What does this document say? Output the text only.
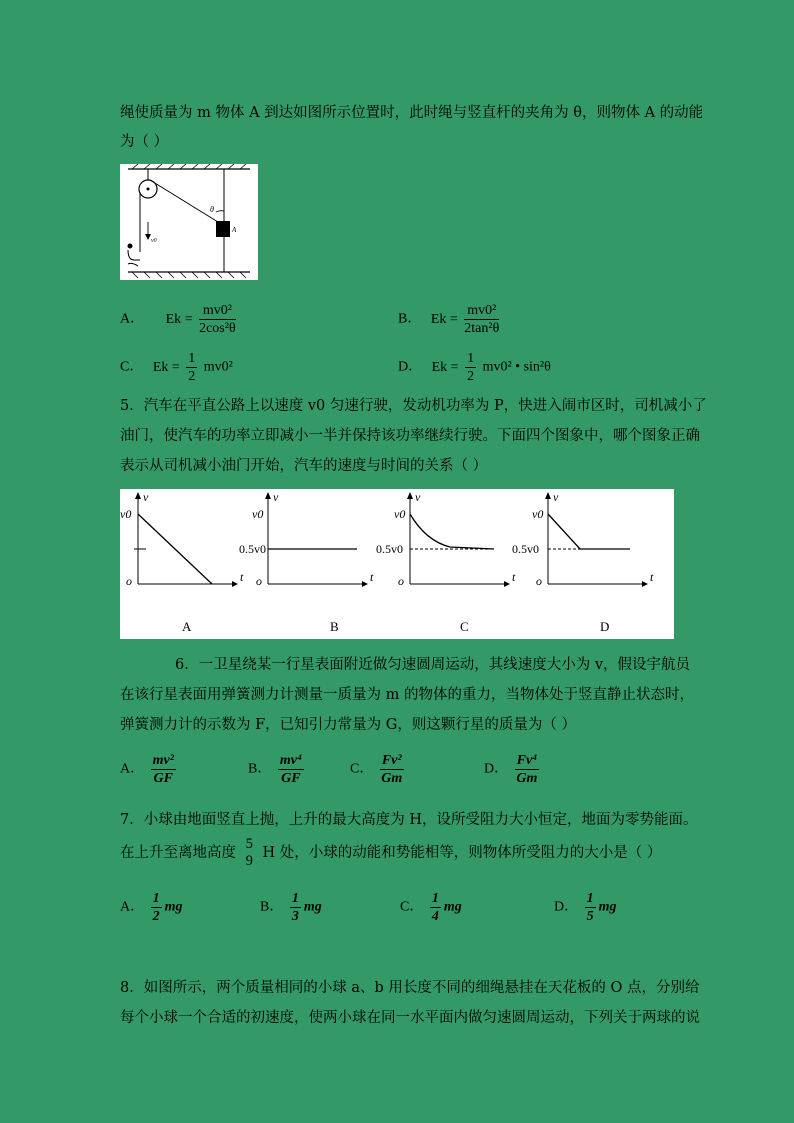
绳使质量为 m 物体 A 到达如图所示位置时，此时绳与竖直杆的夹角为 θ，则物体 A 的动能
为（ ）
θ
A
v0
A． $Ek = \frac{\text{mv0²}}{\text{2cos²θ}}$	B． $Ek = \frac{\text{mv0²}}{\text{2tan²θ}}$
C． $Ek = \frac{1}{2} mv0^2$	D． $Ek = \frac{1}{2} mv0^2$ • sin²θ
5．汽车在平直公路上以速度 v0 匀速行驶，发动机功率为 P，快进入闹市区时，司机减小了
油门，使汽车的功率立即减小一半并保持该功率继续行驶。下面四个图象中，哪个图象正确
表示从司机减小油门开始，汽车的速度与时间的关系（ ）
v
t
o
v0
A
v
t
o
v0
0.5v0
B
v
t
o
v0
0.5v0
C
v
t
o
v0
0.5v0
D
6．一卫星绕某一行星表面附近做匀速圆周运动，其线速度大小为 v，假设宇航员
在该行星表面用弹簧测力计测量一质量为 m 的物体的重力，当物体处于竖直静止状态时，
弹簧测力计的示数为 F，已知引力常量为 G，则这颗行星的质量为（ ）
A． $\frac{\text{mv²}}{GF}$	B． $\frac{\text{mv⁴}}{GF}$	C． $\frac{\text{Fv²}}{Gm}$	D． $\frac{\text{Fv⁴}}{Gm}$
7．小球由地面竖直上抛，上升的最大高度为 H，设所受阻力大小恒定，地面为零势能面。
在上升至离地高度
5
9 H 处，小球的动能和势能相等，则物体所受阻力的大小是（ ）
A． $\frac{1}{2}$ mg	B． $\frac{1}{3}$ mg	C． $\frac{1}{4}$ mg	D． $\frac{1}{5}$ mg
8．如图所示，两个质量相同的小球 a、b 用长度不同的细绳悬挂在天花板的 O 点，分别给
每个小球一个合适的初速度，使两小球在同一水平面内做匀速圆周运动，下列关于两球的说
